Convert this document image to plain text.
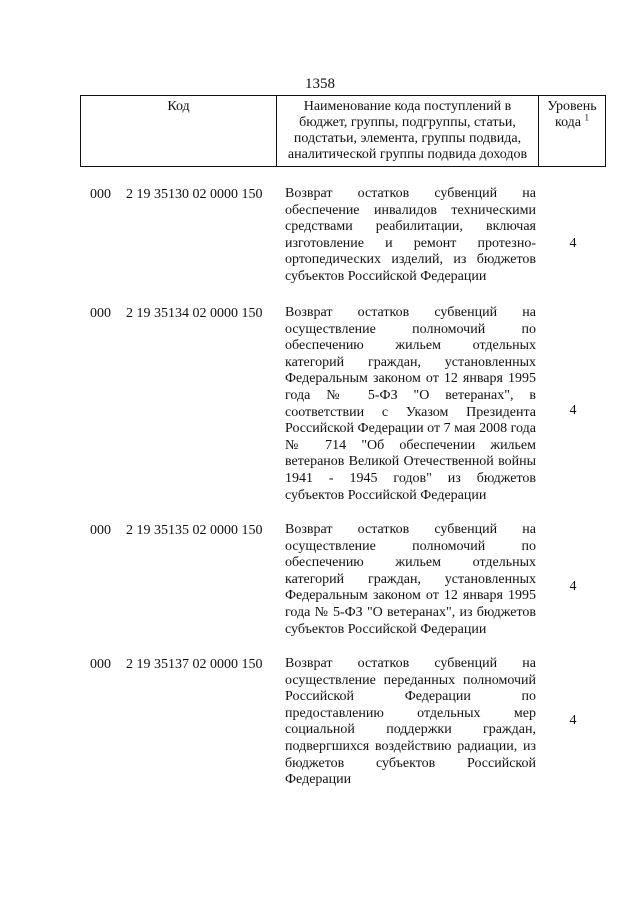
1358
Код	Наименование кода поступлений в бюджет, группы, подгруппы, статьи, подстатьи, элемента, группы подвида, аналитической группы подвида доходов
Уровень кода $^1$
000 2 19 35130 02 0000 150 Возврат остатков субвенций на обеспечение инвалидов техническими средствами реабилитации, включая изготовление и ремонт протезно-ортопедических изделий, из бюджетов субъектов Российской Федерации
4
000 2 19 35134 02 0000 150 Возврат остатков субвенций на осуществление полномочий по обеспечению жильем отдельных категорий граждан, установленных Федеральным законом от 12 января 1995 года № 5-ФЗ "О ветеранах", в соответствии с Указом Президента Российской Федерации от 7 мая 2008 года № 714 "Об обеспечении жильем ветеранов Великой Отечественной войны 1941 - 1945 годов" из бюджетов субъектов Российской Федерации
4
000 2 19 35135 02 0000 150 Возврат остатков субвенций на осуществление полномочий по обеспечению жильем отдельных категорий граждан, установленных Федеральным законом от 12 января 1995 года № 5-ФЗ "О ветеранах", из бюджетов субъектов Российской Федерации
4
000 2 19 35137 02 0000 150 Возврат остатков субвенций на осуществление переданных полномочий Российской Федерации по предоставлению отдельных мер социальной поддержки граждан, подвергшихся воздействию радиации, из бюджетов субъектов Российской Федерации
4
